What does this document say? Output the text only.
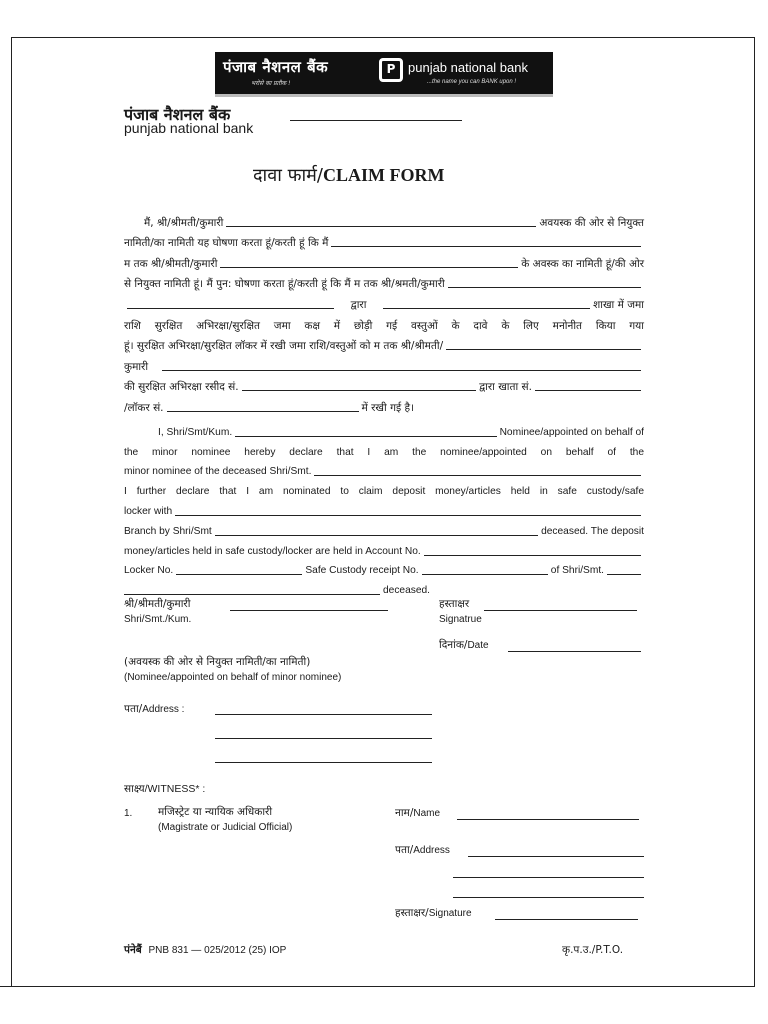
पंजाब नैशनल बैंक
भरोसे का प्रतीक !
P punjab national bank
...the name you can BANK upon !
पंजाब नैशनल बैंक
punjab national bank
दावा फार्म/CLAIM FORM
मैं, श्री/श्रीमती/कुमारी	अवयस्क की ओर से नियुक्त
नामिती/का नामिती यह घोषणा करता हूं/करती हूं कि मैं
म तक श्री/श्रीमती/कुमारी	के अवस्क का नामिती हूं/की ओर
से नियुक्त नामिती हूं। मैं पुन: घोषणा करता हूं/करती हूं कि मैं म तक श्री/श्रमती/कुमारी
द्वारा	शाखा में जमा
राशि सुरक्षित अभिरक्षा/सुरक्षित जमा कक्ष में छोड़ी गई वस्तुओं के दावे के लिए मनोनीत किया गया
हूं। सुरक्षित अभिरक्षा/सुरक्षित लॉकर में रखी जमा राशि/वस्तुओं को म तक श्री/श्रीमती/
कुमारी
की सुरक्षित अभिरक्षा रसीद सं.	द्वारा खाता सं.
/लॉकर सं.	में रखी गई है।
I, Shri/Smt/Kum.	Nominee/appointed on behalf of
the minor nominee hereby declare that I am the nominee/appointed on behalf of the
minor nominee of the deceased Shri/Smt.
I further declare that I am nominated to claim deposit money/articles held in safe custody/safe
locker with
Branch by Shri/Smt	deceased. The deposit
money/articles held in safe custody/locker are held in Account No.
Locker No.	Safe Custody receipt No.	of Shri/Smt.
deceased.
श्री/श्रीमती/कुमारी
Shri/Smt./Kum.
हस्ताक्षर
Signatrue
दिनांक/Date
(अवयस्क की ओर से नियुक्त नामिती/का नामिती)
(Nominee/appointed on behalf of minor nominee)
पता/Address :
साक्ष्य/WITNESS* :
1. मजिस्ट्रेट या न्यायिक अधिकारी
(Magistrate or Judicial Official)
नाम/Name
पता/Address
हस्ताक्षर/Signature
पंनेबैं PNB 831 — 025/2012 (25) IOP	कृ.प.उ./P.T.O.
